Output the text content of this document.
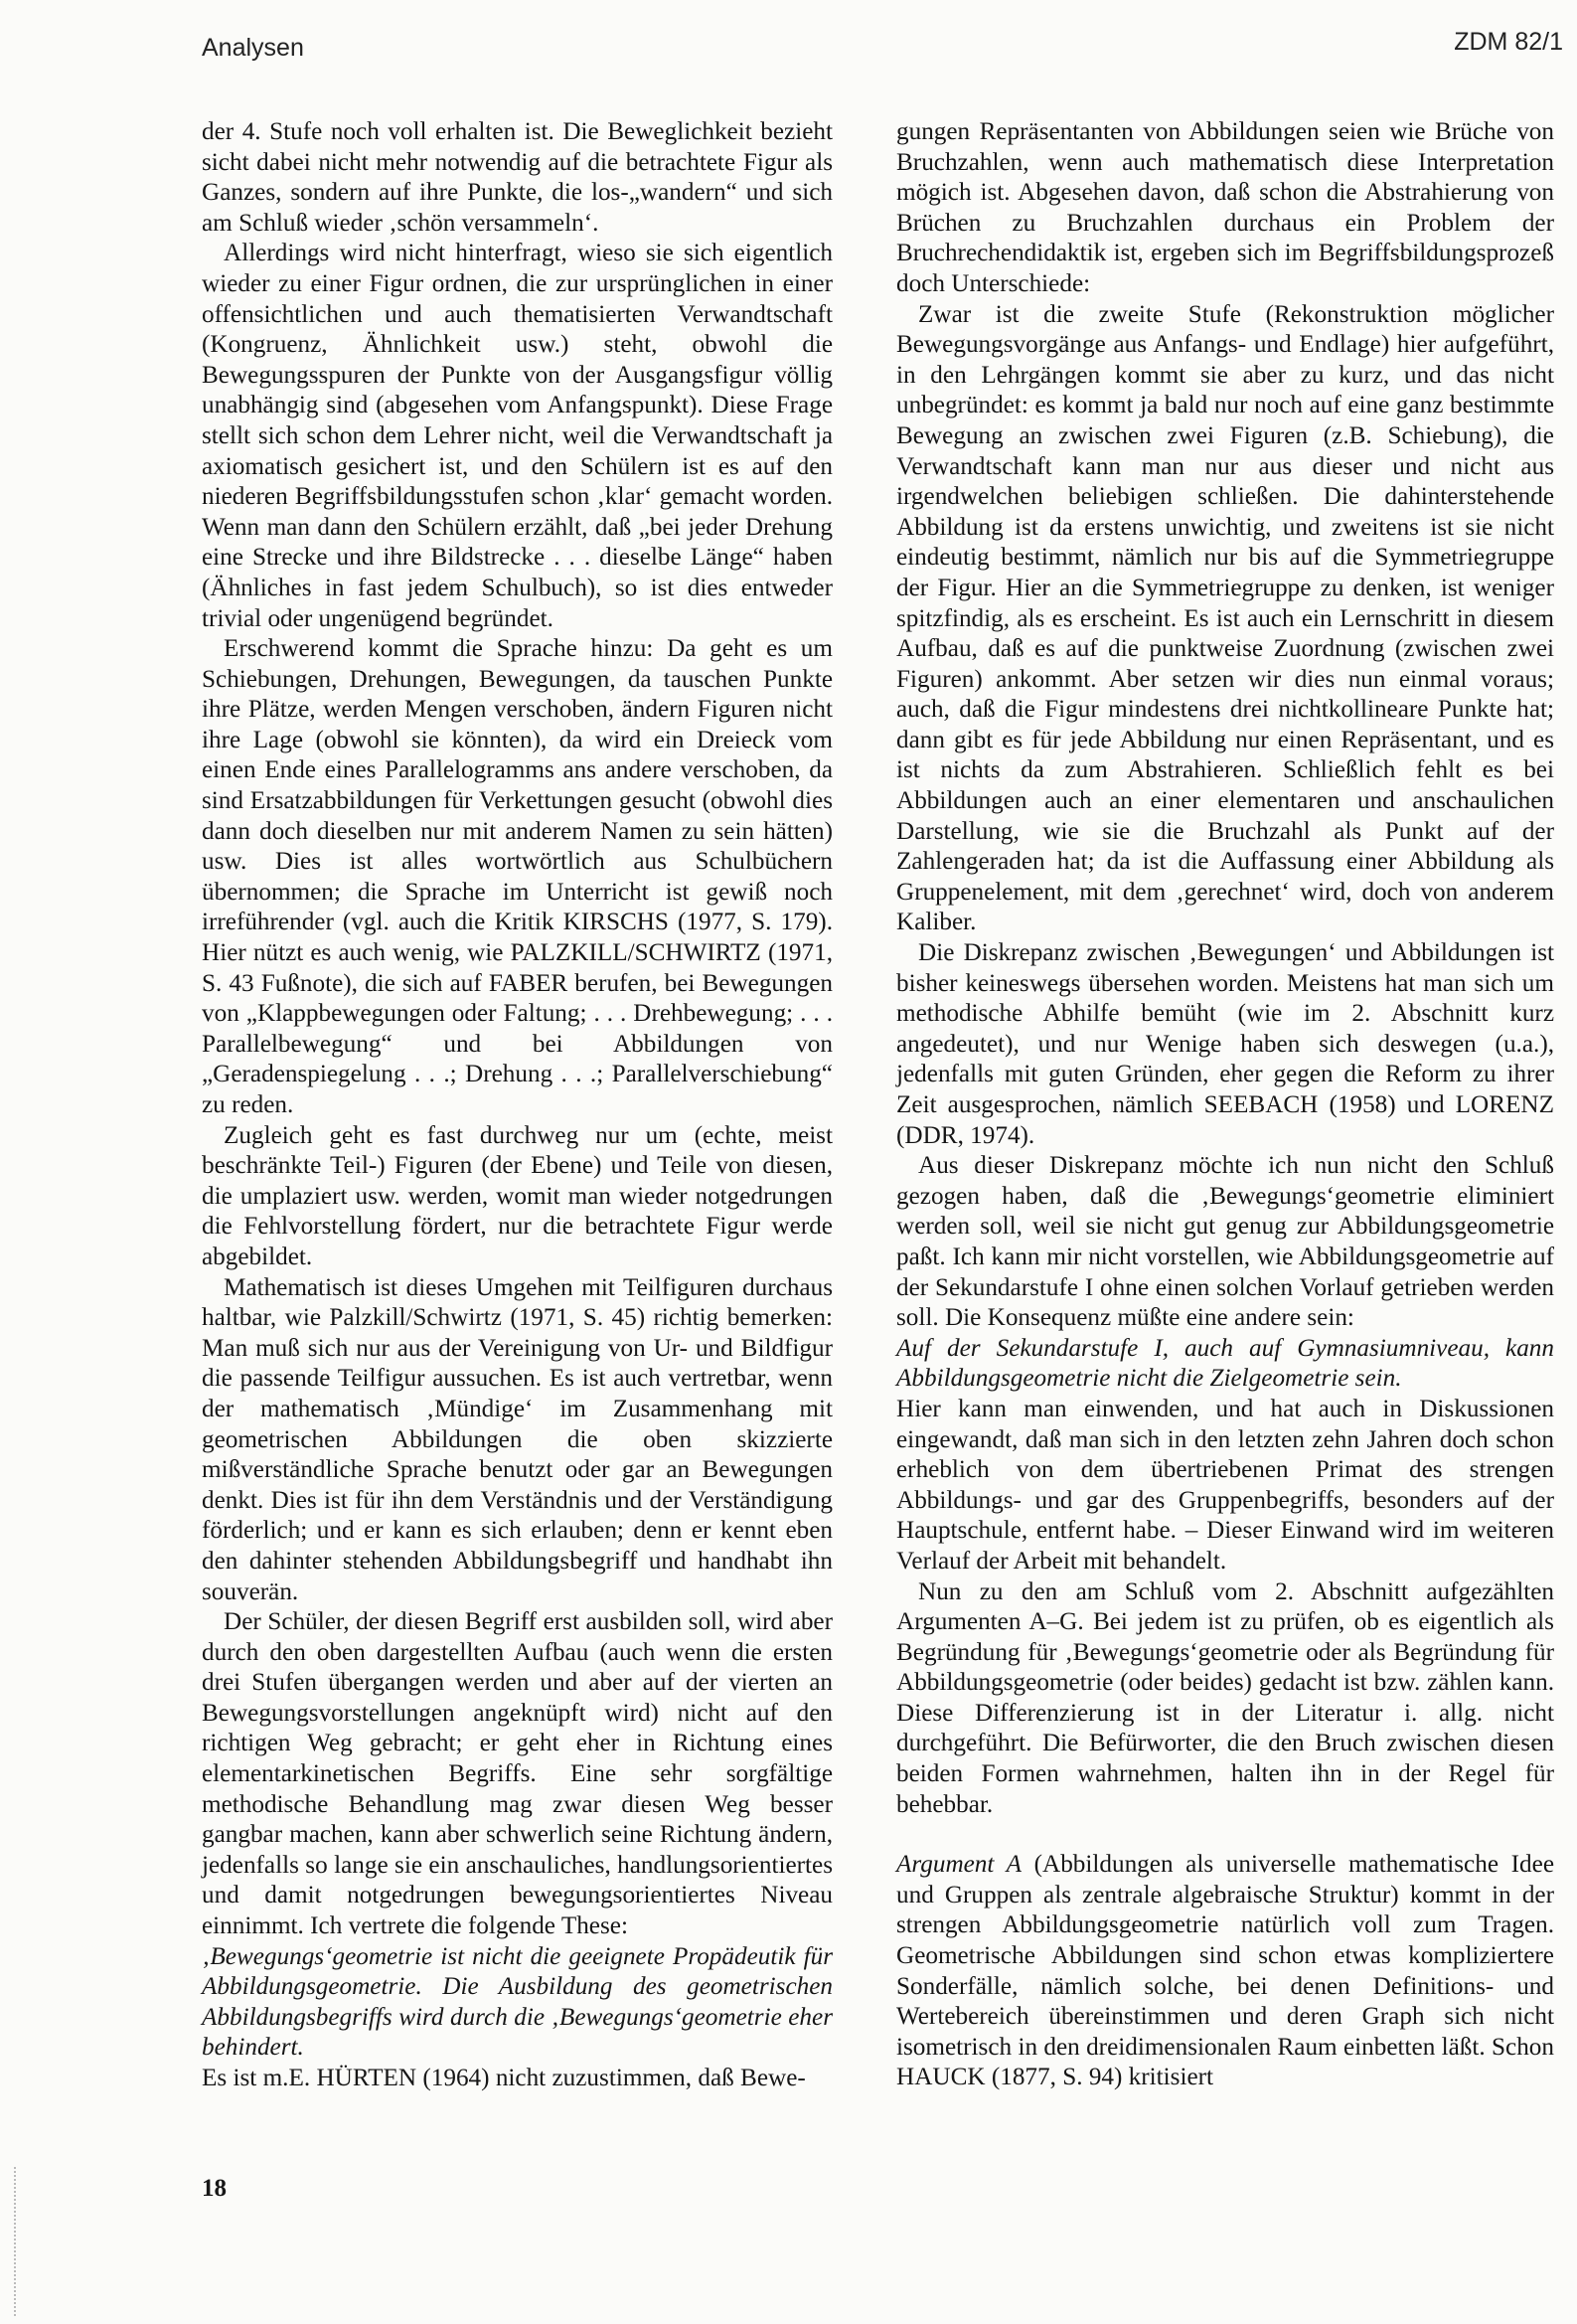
Analysen	ZDM 82/1

der 4. Stufe noch voll erhalten ist. Die Beweglichkeit bezieht sicht dabei nicht mehr notwendig auf die betrachtete Figur als Ganzes, sondern auf ihre Punkte, die los-„wandern“ und sich am Schluß wieder ‚schön versammeln‘.

Allerdings wird nicht hinterfragt, wieso sie sich eigentlich wieder zu einer Figur ordnen, die zur ursprünglichen in einer offensichtlichen und auch thematisierten Verwandtschaft (Kongruenz, Ähnlichkeit usw.) steht, obwohl die Bewegungsspuren der Punkte von der Ausgangsfigur völlig unabhängig sind (abgesehen vom Anfangspunkt). Diese Frage stellt sich schon dem Lehrer nicht, weil die Verwandtschaft ja axiomatisch gesichert ist, und den Schülern ist es auf den niederen Begriffsbildungsstufen schon ‚klar‘ gemacht worden. Wenn man dann den Schülern erzählt, daß „bei jeder Drehung eine Strecke und ihre Bildstrecke . . . dieselbe Länge“ haben (Ähnliches in fast jedem Schulbuch), so ist dies entweder trivial oder ungenügend begründet.

Erschwerend kommt die Sprache hinzu: Da geht es um Schiebungen, Drehungen, Bewegungen, da tauschen Punkte ihre Plätze, werden Mengen verschoben, ändern Figuren nicht ihre Lage (obwohl sie könnten), da wird ein Dreieck vom einen Ende eines Parallelogramms ans andere verschoben, da sind Ersatzabbildungen für Verkettungen gesucht (obwohl dies dann doch dieselben nur mit anderem Namen zu sein hätten) usw. Dies ist alles wortwörtlich aus Schulbüchern übernommen; die Sprache im Unterricht ist gewiß noch irreführender (vgl. auch die Kritik KIRSCHS (1977, S. 179). Hier nützt es auch wenig, wie PALZKILL/SCHWIRTZ (1971, S. 43 Fußnote), die sich auf FABER berufen, bei Bewegungen von „Klappbewegungen oder Faltung; . . . Drehbewegung; . . . Parallelbewegung“ und bei Abbildungen von „Geradenspiegelung . . .; Drehung . . .; Parallelverschiebung“ zu reden.

Zugleich geht es fast durchweg nur um (echte, meist beschränkte Teil-) Figuren (der Ebene) und Teile von diesen, die umplaziert usw. werden, womit man wieder notgedrungen die Fehlvorstellung fördert, nur die betrachtete Figur werde abgebildet.

Mathematisch ist dieses Umgehen mit Teilfiguren durchaus haltbar, wie Palzkill/Schwirtz (1971, S. 45) richtig bemerken: Man muß sich nur aus der Vereinigung von Ur- und Bildfigur die passende Teilfigur aussuchen. Es ist auch vertretbar, wenn der mathematisch ‚Mündige‘ im Zusammenhang mit geometrischen Abbildungen die oben skizzierte mißverständliche Sprache benutzt oder gar an Bewegungen denkt. Dies ist für ihn dem Verständnis und der Verständigung förderlich; und er kann es sich erlauben; denn er kennt eben den dahinter stehenden Abbildungsbegriff und handhabt ihn souverän.

Der Schüler, der diesen Begriff erst ausbilden soll, wird aber durch den oben dargestellten Aufbau (auch wenn die ersten drei Stufen übergangen werden und aber auf der vierten an Bewegungsvorstellungen angeknüpft wird) nicht auf den richtigen Weg gebracht; er geht eher in Richtung eines elementarkinetischen Begriffs. Eine sehr sorgfältige methodische Behandlung mag zwar diesen Weg besser gangbar machen, kann aber schwerlich seine Richtung ändern, jedenfalls so lange sie ein anschauliches, handlungsorientiertes und damit notgedrungen bewegungsorientiertes Niveau einnimmt. Ich vertrete die folgende These:

‚Bewegungs‘geometrie ist nicht die geeignete Propädeutik für Abbildungsgeometrie. Die Ausbildung des geometrischen Abbildungsbegriffs wird durch die ‚Bewegungs‘geometrie eher behindert.

Es ist m.E. HÜRTEN (1964) nicht zuzustimmen, daß Bewe-

gungen Repräsentanten von Abbildungen seien wie Brüche von Bruchzahlen, wenn auch mathematisch diese Interpretation mögich ist. Abgesehen davon, daß schon die Abstrahierung von Brüchen zu Bruchzahlen durchaus ein Problem der Bruchrechendidaktik ist, ergeben sich im Begriffsbildungsprozeß doch Unterschiede:

Zwar ist die zweite Stufe (Rekonstruktion möglicher Bewegungsvorgänge aus Anfangs- und Endlage) hier aufgeführt, in den Lehrgängen kommt sie aber zu kurz, und das nicht unbegründet: es kommt ja bald nur noch auf eine ganz bestimmte Bewegung an zwischen zwei Figuren (z.B. Schiebung), die Verwandtschaft kann man nur aus dieser und nicht aus irgendwelchen beliebigen schließen. Die dahinterstehende Abbildung ist da erstens unwichtig, und zweitens ist sie nicht eindeutig bestimmt, nämlich nur bis auf die Symmetriegruppe der Figur. Hier an die Symmetriegruppe zu denken, ist weniger spitzfindig, als es erscheint. Es ist auch ein Lernschritt in diesem Aufbau, daß es auf die punktweise Zuordnung (zwischen zwei Figuren) ankommt. Aber setzen wir dies nun einmal voraus; auch, daß die Figur mindestens drei nichtkollineare Punkte hat; dann gibt es für jede Abbildung nur einen Repräsentant, und es ist nichts da zum Abstrahieren. Schließlich fehlt es bei Abbildungen auch an einer elementaren und anschaulichen Darstellung, wie sie die Bruchzahl als Punkt auf der Zahlengeraden hat; da ist die Auffassung einer Abbildung als Gruppenelement, mit dem ‚gerechnet‘ wird, doch von anderem Kaliber.

Die Diskrepanz zwischen ‚Bewegungen‘ und Abbildungen ist bisher keineswegs übersehen worden. Meistens hat man sich um methodische Abhilfe bemüht (wie im 2. Abschnitt kurz angedeutet), und nur Wenige haben sich deswegen (u.a.), jedenfalls mit guten Gründen, eher gegen die Reform zu ihrer Zeit ausgesprochen, nämlich SEEBACH (1958) und LORENZ (DDR, 1974).

Aus dieser Diskrepanz möchte ich nun nicht den Schluß gezogen haben, daß die ‚Bewegungs‘geometrie eliminiert werden soll, weil sie nicht gut genug zur Abbildungsgeometrie paßt. Ich kann mir nicht vorstellen, wie Abbildungsgeometrie auf der Sekundarstufe I ohne einen solchen Vorlauf getrieben werden soll. Die Konsequenz müßte eine andere sein:

Auf der Sekundarstufe I, auch auf Gymnasiumniveau, kann Abbildungsgeometrie nicht die Zielgeometrie sein.

Hier kann man einwenden, und hat auch in Diskussionen eingewandt, daß man sich in den letzten zehn Jahren doch schon erheblich von dem übertriebenen Primat des strengen Abbildungs- und gar des Gruppenbegriffs, besonders auf der Hauptschule, entfernt habe. – Dieser Einwand wird im weiteren Verlauf der Arbeit mit behandelt.

Nun zu den am Schluß vom 2. Abschnitt aufgezählten Argumenten A–G. Bei jedem ist zu prüfen, ob es eigentlich als Begründung für ‚Bewegungs‘geometrie oder als Begründung für Abbildungsgeometrie (oder beides) gedacht ist bzw. zählen kann. Diese Differenzierung ist in der Literatur i. allg. nicht durchgeführt. Die Befürworter, die den Bruch zwischen diesen beiden Formen wahrnehmen, halten ihn in der Regel für behebbar.

Argument A (Abbildungen als universelle mathematische Idee und Gruppen als zentrale algebraische Struktur) kommt in der strengen Abbildungsgeometrie natürlich voll zum Tragen. Geometrische Abbildungen sind schon etwas kompliziertere Sonderfälle, nämlich solche, bei denen Definitions- und Wertebereich übereinstimmen und deren Graph sich nicht isometrisch in den dreidimensionalen Raum einbetten läßt. Schon HAUCK (1877, S. 94) kritisiert

18
